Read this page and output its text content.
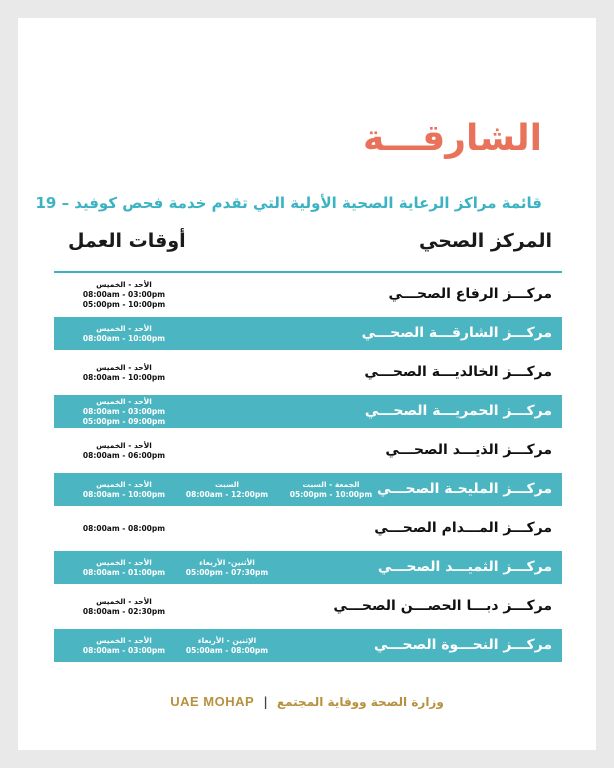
الشارقـــة
قائمة مراكز الرعاية الصحية الأولية التي تقدم خدمة فحص كوفيد – 19
المركز الصحي
أوقات العمل
مركـــز الرفاع الصحـــي
الأحد - الخميس
08:00am - 03:00pm
05:00pm - 10:00pm
مركـــز الشارقـــة الصحـــي
الأحد - الخميس
08:00am - 10:00pm
مركـــز الخالديـــة الصحـــي
الأحد - الخميس
08:00am - 10:00pm
مركـــز الحمريـــة الصحـــي
الأحد - الخميس
08:00am - 03:00pm
05:00pm - 09:00pm
مركـــز الذيـــد الصحـــي
الأحد - الخميس
08:00am - 06:00pm
مركـــز المليحـة الصحـــي
الأحد - الخميس
08:00am - 10:00pm
السبت
08:00am - 12:00pm
الجمعة - السبت
05:00pm - 10:00pm
مركـــز المـــدام الصحـــي
08:00am - 08:00pm
مركـــز الثميـــد الصحـــي
الأحد - الخميس
08:00am - 01:00pm
الأثنين- الأربعاء
05:00pm - 07:30pm
مركـــز دبـــا الحصـــن الصحـــي
الأحد - الخميس
08:00am - 02:30pm
مركـــز النحـــوة الصحـــي
الأحد - الخميس
08:00am - 03:00pm
الإثنين - الأربعاء
05:00am - 08:00pm
UAE MOHAP | وزارة الصحة ووقاية المجتمع
